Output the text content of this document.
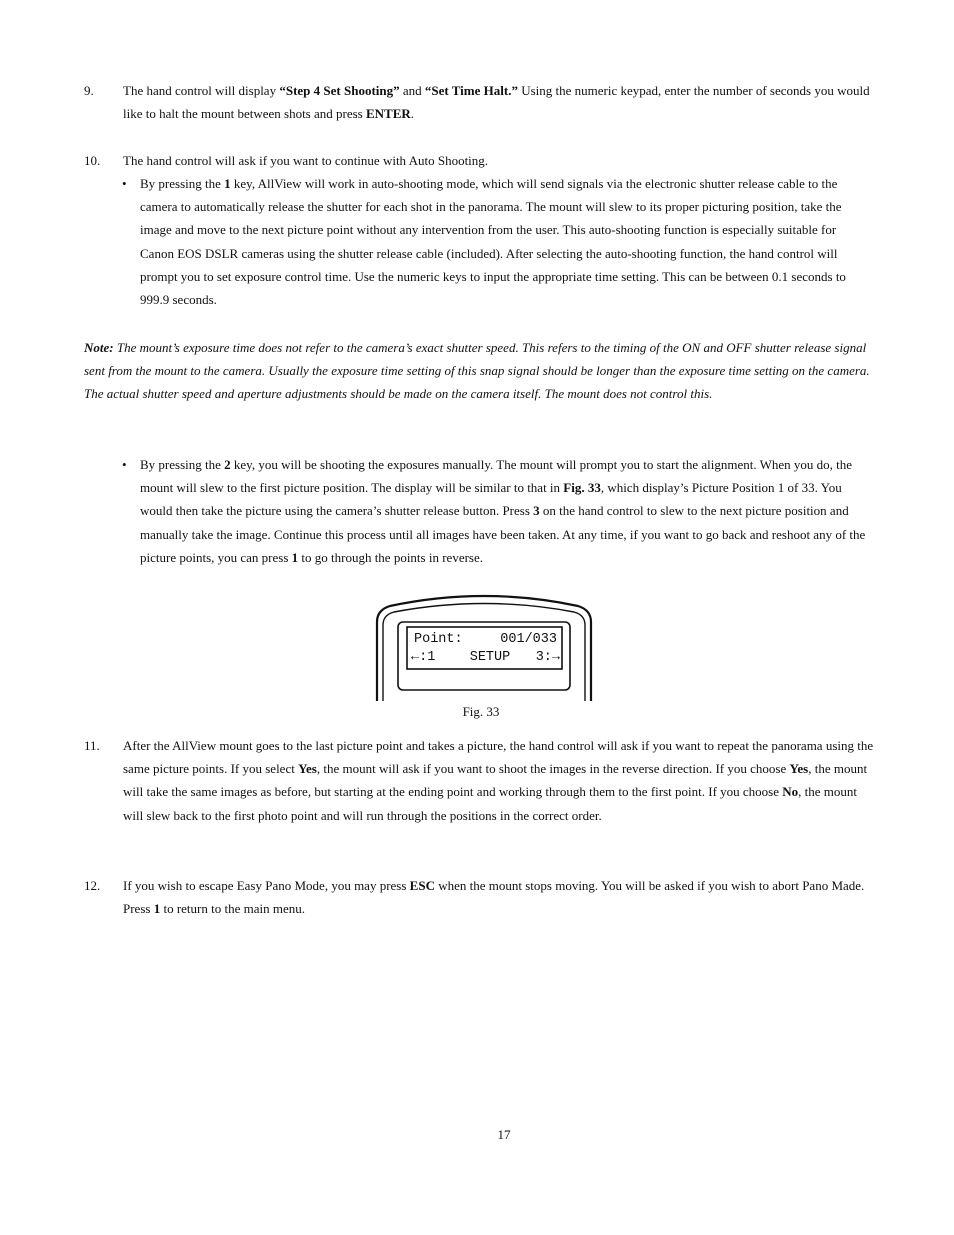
9. The hand control will display “Step 4 Set Shooting” and “Set Time Halt.” Using the numeric keypad, enter the number of seconds you would like to halt the mount between shots and press ENTER.
10. The hand control will ask if you want to continue with Auto Shooting.
• By pressing the 1 key, AllView will work in auto-shooting mode, which will send signals via the electronic shutter release cable to the camera to automatically release the shutter for each shot in the panorama. The mount will slew to its proper picturing position, take the image and move to the next picture point without any intervention from the user. This auto-shooting function is especially suitable for Canon EOS DSLR cameras using the shutter release cable (included). After selecting the auto-shooting function, the hand control will prompt you to set exposure control time. Use the numeric keys to input the appropriate time setting. This can be between 0.1 seconds to 999.9 seconds.
Note: The mount’s exposure time does not refer to the camera’s exact shutter speed. This refers to the timing of the ON and OFF shutter release signal sent from the mount to the camera. Usually the exposure time setting of this snap signal should be longer than the exposure time setting on the camera. The actual shutter speed and aperture adjustments should be made on the camera itself. The mount does not control this.
• By pressing the 2 key, you will be shooting the exposures manually. The mount will prompt you to start the alignment. When you do, the mount will slew to the first picture position. The display will be similar to that in Fig. 33, which display’s Picture Position 1 of 33. You would then take the picture using the camera’s shutter release button. Press 3 on the hand control to slew to the next picture position and manually take the image. Continue this process until all images have been taken. At any time, if you want to go back and reshoot any of the picture points, you can press 1 to go through the points in reverse.
Point:	001/033
←:1	SETUP 3:→
Fig. 33
11. After the AllView mount goes to the last picture point and takes a picture, the hand control will ask if you want to repeat the panorama using the same picture points. If you select Yes, the mount will ask if you want to shoot the images in the reverse direction. If you choose Yes, the mount will take the same images as before, but starting at the ending point and working through them to the first point. If you choose No, the mount will slew back to the first photo point and will run through the positions in the correct order.
12. If you wish to escape Easy Pano Mode, you may press ESC when the mount stops moving. You will be asked if you wish to abort Pano Made. Press 1 to return to the main menu.
17
